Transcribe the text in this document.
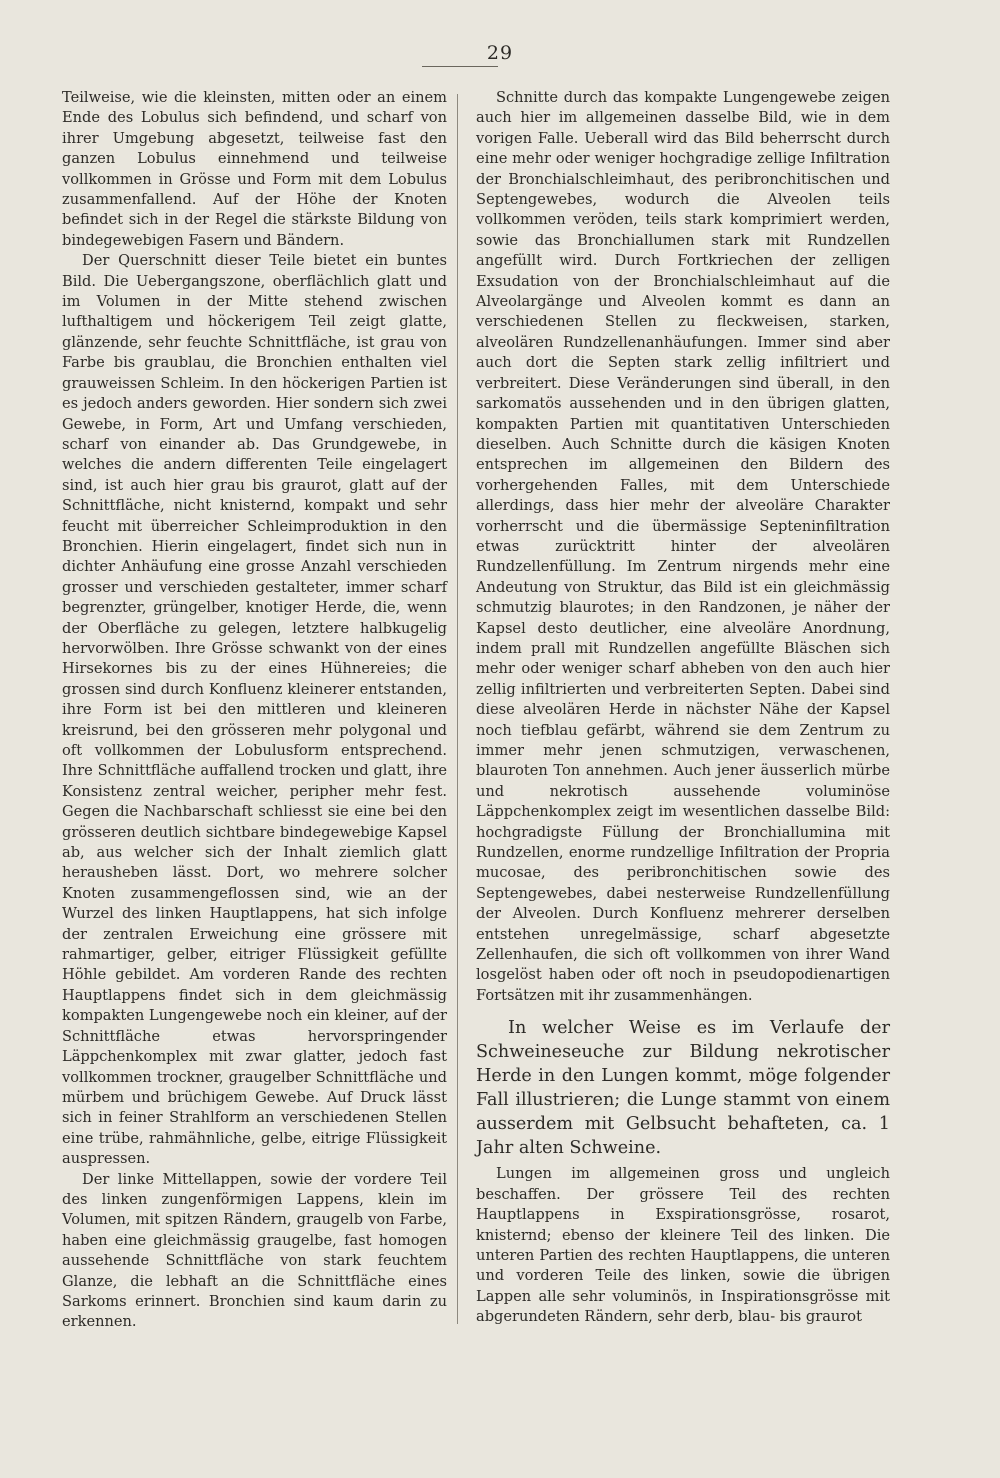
29

Teilweise, wie die kleinsten, mitten oder an einem Ende des Lobulus sich befindend, und scharf von ihrer Umgebung abgesetzt, teilweise fast den ganzen Lobulus einnehmend und teilweise vollkommen in Grösse und Form mit dem Lobulus zusammenfallend. Auf der Höhe der Knoten befindet sich in der Regel die stärkste Bildung von bindegewebigen Fasern und Bändern.

Der Querschnitt dieser Teile bietet ein buntes Bild. Die Uebergangszone, oberflächlich glatt und im Volumen in der Mitte stehend zwischen lufthaltigem und höckerigem Teil zeigt glatte, glänzende, sehr feuchte Schnittfläche, ist grau von Farbe bis graublau, die Bronchien enthalten viel grauweissen Schleim. In den höckerigen Partien ist es jedoch anders geworden. Hier sondern sich zwei Gewebe, in Form, Art und Umfang verschieden, scharf von einander ab. Das Grundgewebe, in welches die andern differenten Teile eingelagert sind, ist auch hier grau bis graurot, glatt auf der Schnittfläche, nicht knisternd, kompakt und sehr feucht mit überreicher Schleimproduktion in den Bronchien. Hierin eingelagert, findet sich nun in dichter Anhäufung eine grosse Anzahl verschieden grosser und verschieden gestalteter, immer scharf begrenzter, grüngelber, knotiger Herde, die, wenn der Oberfläche zu gelegen, letztere halbkugelig hervorwölben. Ihre Grösse schwankt von der eines Hirsekornes bis zu der eines Hühnereies; die grossen sind durch Konfluenz kleinerer entstanden, ihre Form ist bei den mittleren und kleineren kreisrund, bei den grösseren mehr polygonal und oft vollkommen der Lobulusform entsprechend. Ihre Schnittfläche auffallend trocken und glatt, ihre Konsistenz zentral weicher, peripher mehr fest. Gegen die Nachbarschaft schliesst sie eine bei den grösseren deutlich sichtbare bindegewebige Kapsel ab, aus welcher sich der Inhalt ziemlich glatt herausheben lässt. Dort, wo mehrere solcher Knoten zusammengeflossen sind, wie an der Wurzel des linken Hauptlappens, hat sich infolge der zentralen Erweichung eine grössere mit rahmartiger, gelber, eitriger Flüssigkeit gefüllte Höhle gebildet. Am vorderen Rande des rechten Hauptlappens findet sich in dem gleichmässig kompakten Lungengewebe noch ein kleiner, auf der Schnittfläche etwas hervorspringender Läppchenkomplex mit zwar glatter, jedoch fast vollkommen trockner, graugelber Schnittfläche und mürbem und brüchigem Gewebe. Auf Druck lässt sich in feiner Strahlform an verschiedenen Stellen eine trübe, rahmähnliche, gelbe, eitrige Flüssigkeit auspressen.

Der linke Mittellappen, sowie der vordere Teil des linken zungenförmigen Lappens, klein im Volumen, mit spitzen Rändern, graugelb von Farbe, haben eine gleichmässig graugelbe, fast homogen aussehende Schnittfläche von stark feuchtem Glanze, die lebhaft an die Schnittfläche eines Sarkoms erinnert. Bronchien sind kaum darin zu erkennen.

Schnitte durch das kompakte Lungengewebe zeigen auch hier im allgemeinen dasselbe Bild, wie in dem vorigen Falle. Ueberall wird das Bild beherrscht durch eine mehr oder weniger hochgradige zellige Infiltration der Bronchialschleimhaut, des peribronchitischen und Septengewebes, wodurch die Alveolen teils vollkommen veröden, teils stark komprimiert werden, sowie das Bronchiallumen stark mit Rundzellen angefüllt wird. Durch Fortkriechen der zelligen Exsudation von der Bronchialschleimhaut auf die Alveolargänge und Alveolen kommt es dann an verschiedenen Stellen zu fleckweisen, starken, alveolären Rundzellenanhäufungen. Immer sind aber auch dort die Septen stark zellig infiltriert und verbreitert. Diese Veränderungen sind überall, in den sarkomatös aussehenden und in den übrigen glatten, kompakten Partien mit quantitativen Unterschieden dieselben. Auch Schnitte durch die käsigen Knoten entsprechen im allgemeinen den Bildern des vorhergehenden Falles, mit dem Unterschiede allerdings, dass hier mehr der alveoläre Charakter vorherrscht und die übermässige Septeninfiltration etwas zurücktritt hinter der alveolären Rundzellenfüllung. Im Zentrum nirgends mehr eine Andeutung von Struktur, das Bild ist ein gleichmässig schmutzig blaurotes; in den Randzonen, je näher der Kapsel desto deutlicher, eine alveoläre Anordnung, indem prall mit Rundzellen angefüllte Bläschen sich mehr oder weniger scharf abheben von den auch hier zellig infiltrierten und verbreiterten Septen. Dabei sind diese alveolären Herde in nächster Nähe der Kapsel noch tiefblau gefärbt, während sie dem Zentrum zu immer mehr jenen schmutzigen, verwaschenen, blauroten Ton annehmen. Auch jener äusserlich mürbe und nekrotisch aussehende voluminöse Läppchenkomplex zeigt im wesentlichen dasselbe Bild: hochgradigste Füllung der Bronchiallumina mit Rundzellen, enorme rundzellige Infiltration der Propria mucosae, des peribronchitischen sowie des Septengewebes, dabei nesterweise Rundzellenfüllung der Alveolen. Durch Konfluenz mehrerer derselben entstehen unregelmässige, scharf abgesetzte Zellenhaufen, die sich oft vollkommen von ihrer Wand losgelöst haben oder oft noch in pseudopodienartigen Fortsätzen mit ihr zusammenhängen.

In welcher Weise es im Verlaufe der Schweineseuche zur Bildung nekrotischer Herde in den Lungen kommt, möge folgender Fall illustrieren; die Lunge stammt von einem ausserdem mit Gelbsucht behafteten, ca. 1 Jahr alten Schweine.

Lungen im allgemeinen gross und ungleich beschaffen. Der grössere Teil des rechten Hauptlappens in Exspirationsgrösse, rosarot, knisternd; ebenso der kleinere Teil des linken. Die unteren Partien des rechten Hauptlappens, die unteren und vorderen Teile des linken, sowie die übrigen Lappen alle sehr voluminös, in Inspirationsgrösse mit abgerundeten Rändern, sehr derb, blau- bis graurot
